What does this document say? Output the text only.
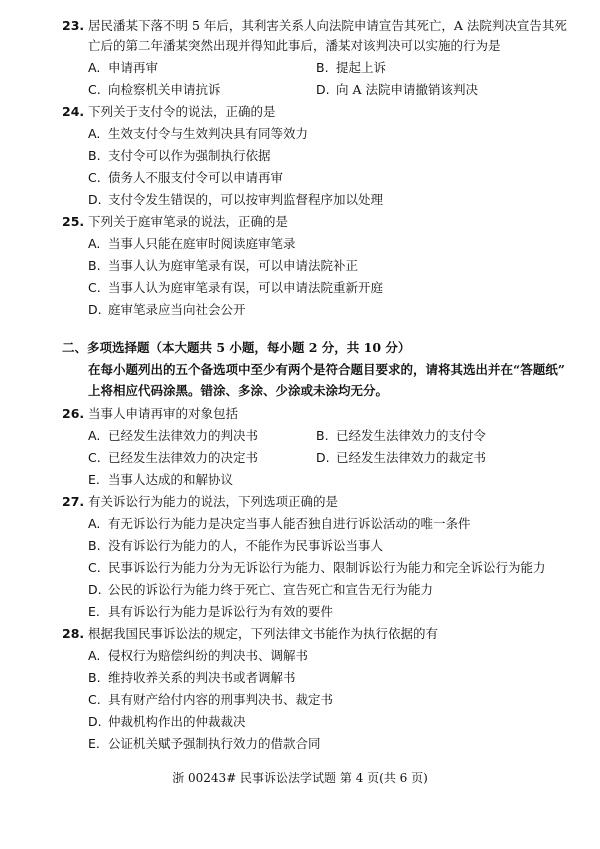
23. 居民潘某下落不明 5 年后，其利害关系人向法院申请宣告其死亡，A 法院判决宣告其死
亡后的第二年潘某突然出现并得知此事后，潘某对该判决可以实施的行为是
A. 申请再审	B. 提起上诉
C. 向检察机关申请抗诉	D. 向 A 法院申请撤销该判决
24. 下列关于支付令的说法，正确的是
A. 生效支付令与生效判决具有同等效力
B. 支付令可以作为强制执行依据
C. 债务人不服支付令可以申请再审
D. 支付令发生错误的，可以按审判监督程序加以处理
25. 下列关于庭审笔录的说法，正确的是
A. 当事人只能在庭审时阅读庭审笔录
B. 当事人认为庭审笔录有误，可以申请法院补正
C. 当事人认为庭审笔录有误，可以申请法院重新开庭
D. 庭审笔录应当向社会公开
二、多项选择题（本大题共 5 小题，每小题 2 分，共 10 分）
在每小题列出的五个备选项中至少有两个是符合题目要求的，请将其选出并在“答题纸”
上将相应代码涂黑。错涂、多涂、少涂或未涂均无分。
26. 当事人申请再审的对象包括
A. 已经发生法律效力的判决书	B. 已经发生法律效力的支付令
C. 已经发生法律效力的决定书	D. 已经发生法律效力的裁定书
E. 当事人达成的和解协议
27. 有关诉讼行为能力的说法，下列选项正确的是
A. 有无诉讼行为能力是决定当事人能否独自进行诉讼活动的唯一条件
B. 没有诉讼行为能力的人，不能作为民事诉讼当事人
C. 民事诉讼行为能力分为无诉讼行为能力、限制诉讼行为能力和完全诉讼行为能力
D. 公民的诉讼行为能力终于死亡、宣告死亡和宣告无行为能力
E. 具有诉讼行为能力是诉讼行为有效的要件
28. 根据我国民事诉讼法的规定，下列法律文书能作为执行依据的有
A. 侵权行为赔偿纠纷的判决书、调解书
B. 维持收养关系的判决书或者调解书
C. 具有财产给付内容的刑事判决书、裁定书
D. 仲裁机构作出的仲裁裁决
E. 公证机关赋予强制执行效力的借款合同
浙 00243# 民事诉讼法学试题 第 4 页(共 6 页)
